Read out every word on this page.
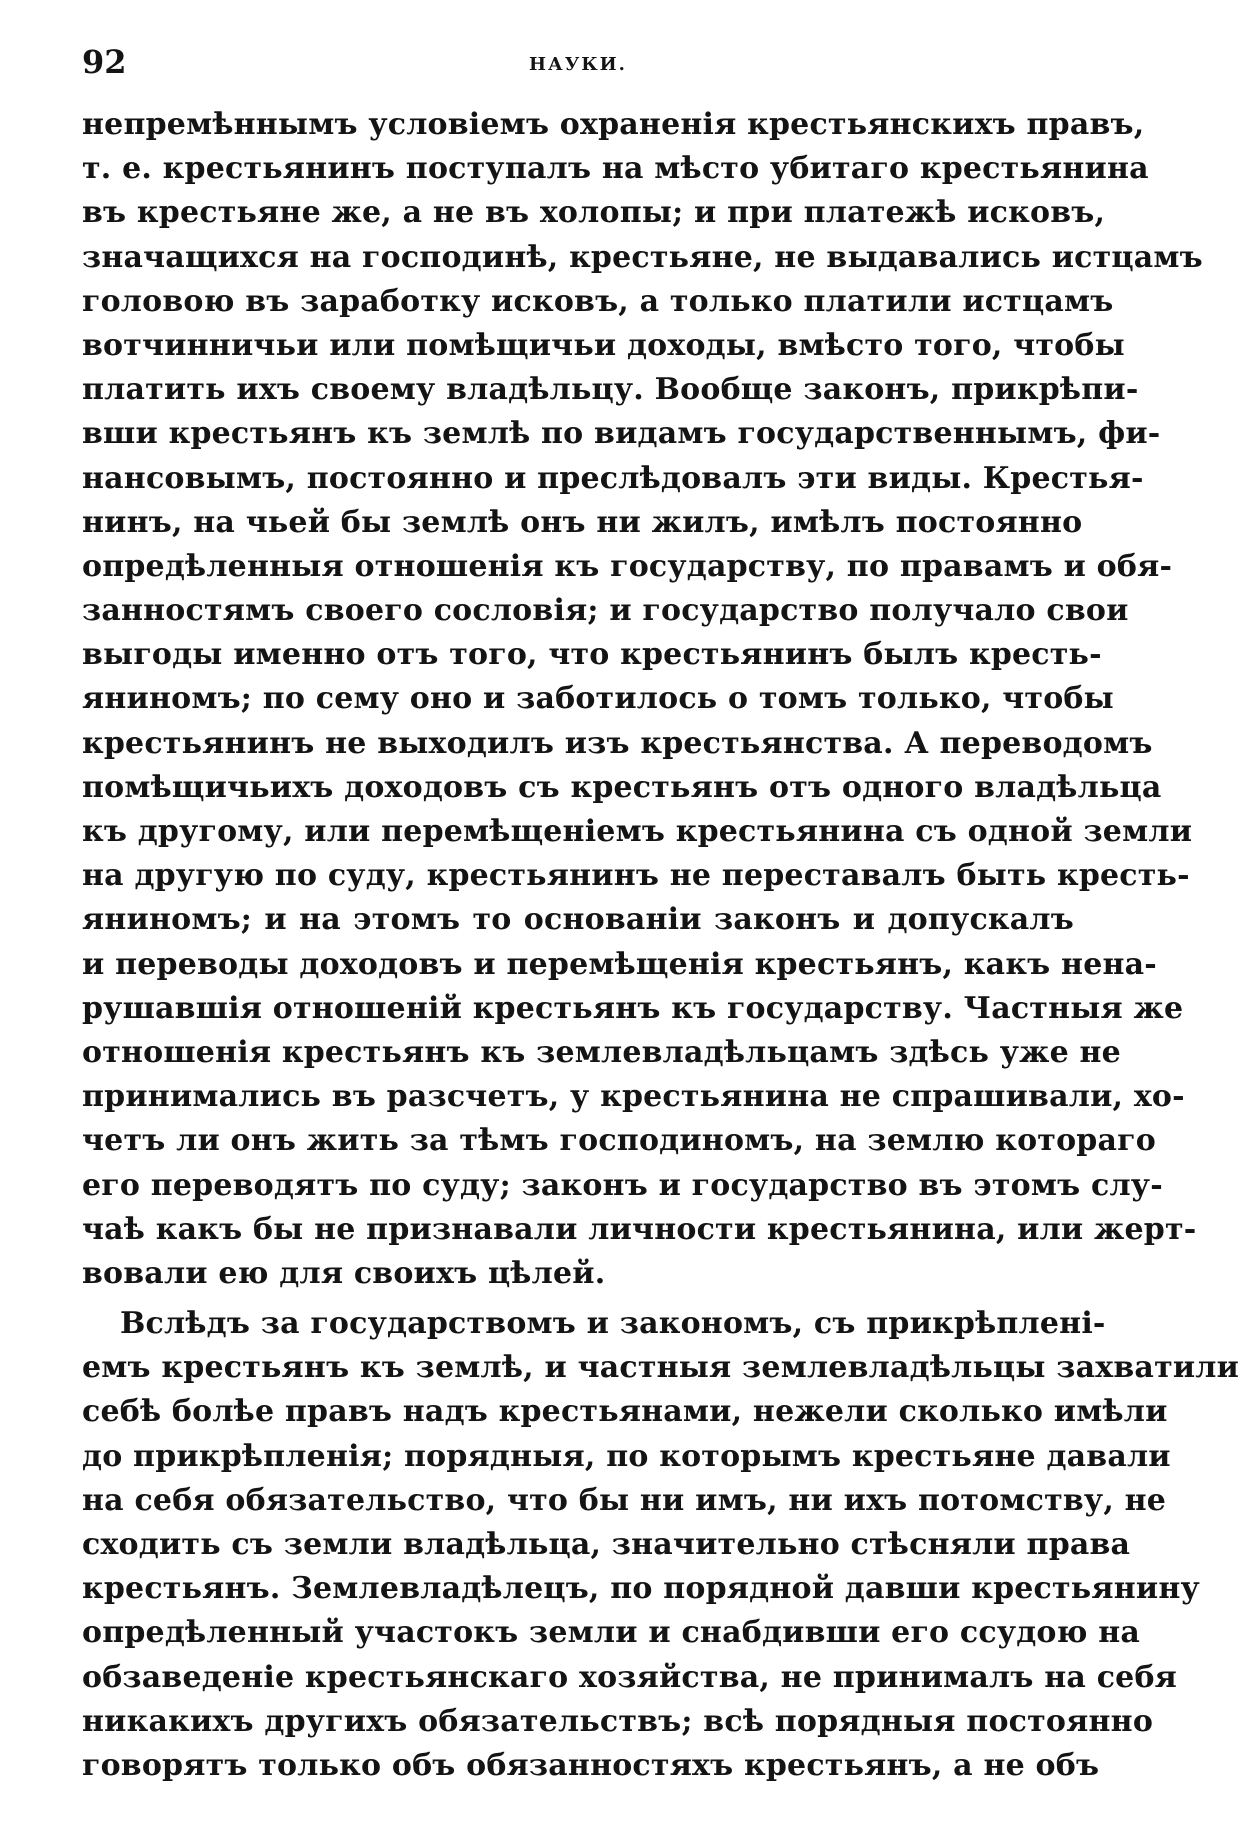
92	НАУКИ.
непремѣннымъ условіемъ охраненія крестьянскихъ правъ,
т. е. крестьянинъ поступалъ на мѣсто убитаго крестьянина
въ крестьяне же, а не въ холопы; и при платежѣ исковъ,
значащихся на господинѣ, крестьяне, не выдавались истцамъ
головою въ заработку исковъ, а только платили истцамъ
вотчинничьи или помѣщичьи доходы, вмѣсто того, чтобы
платить ихъ своему владѣльцу. Вообще законъ, прикрѣпи-
вши крестьянъ къ землѣ по видамъ государственнымъ, фи-
нансовымъ, постоянно и преслѣдовалъ эти виды. Крестья-
нинъ, на чьей бы землѣ онъ ни жилъ, имѣлъ постоянно
опредѣленныя отношенія къ государству, по правамъ и обя-
занностямъ своего сословія; и государство получало свои
выгоды именно отъ того, что крестьянинъ былъ кресть-
яниномъ; по сему оно и заботилось о томъ только, чтобы
крестьянинъ не выходилъ изъ крестьянства. А переводомъ
помѣщичьихъ доходовъ съ крестьянъ отъ одного владѣльца
къ другому, или перемѣщеніемъ крестьянина съ одной земли
на другую по суду, крестьянинъ не переставалъ быть кресть-
яниномъ; и на этомъ то основаніи законъ и допускалъ
и переводы доходовъ и перемѣщенія крестьянъ, какъ нена-
рушавшія отношеній крестьянъ къ государству. Частныя же
отношенія крестьянъ къ землевладѣльцамъ здѣсь уже не
принимались въ разсчетъ, у крестьянина не спрашивали, хо-
четъ ли онъ жить за тѣмъ господиномъ, на землю котораго
его переводятъ по суду; законъ и государство въ этомъ слу-
чаѣ какъ бы не признавали личности крестьянина, или жерт-
вовали ею для своихъ цѣлей.
Вслѣдъ за государствомъ и закономъ, съ прикрѣплені-
емъ крестьянъ къ землѣ, и частныя землевладѣльцы захватили
себѣ болѣе правъ надъ крестьянами, нежели сколько имѣли
до прикрѣпленія; порядныя, по которымъ крестьяне давали
на себя обязательство, что бы ни имъ, ни ихъ потомству, не
сходить съ земли владѣльца, значительно стѣсняли права
крестьянъ. Землевладѣлецъ, по порядной давши крестьянину
опредѣленный участокъ земли и снабдивши его ссудою на
обзаведеніе крестьянскаго хозяйства, не принималъ на себя
никакихъ другихъ обязательствъ; всѣ порядныя постоянно
говорятъ только объ обязанностяхъ крестьянъ, а не объ
